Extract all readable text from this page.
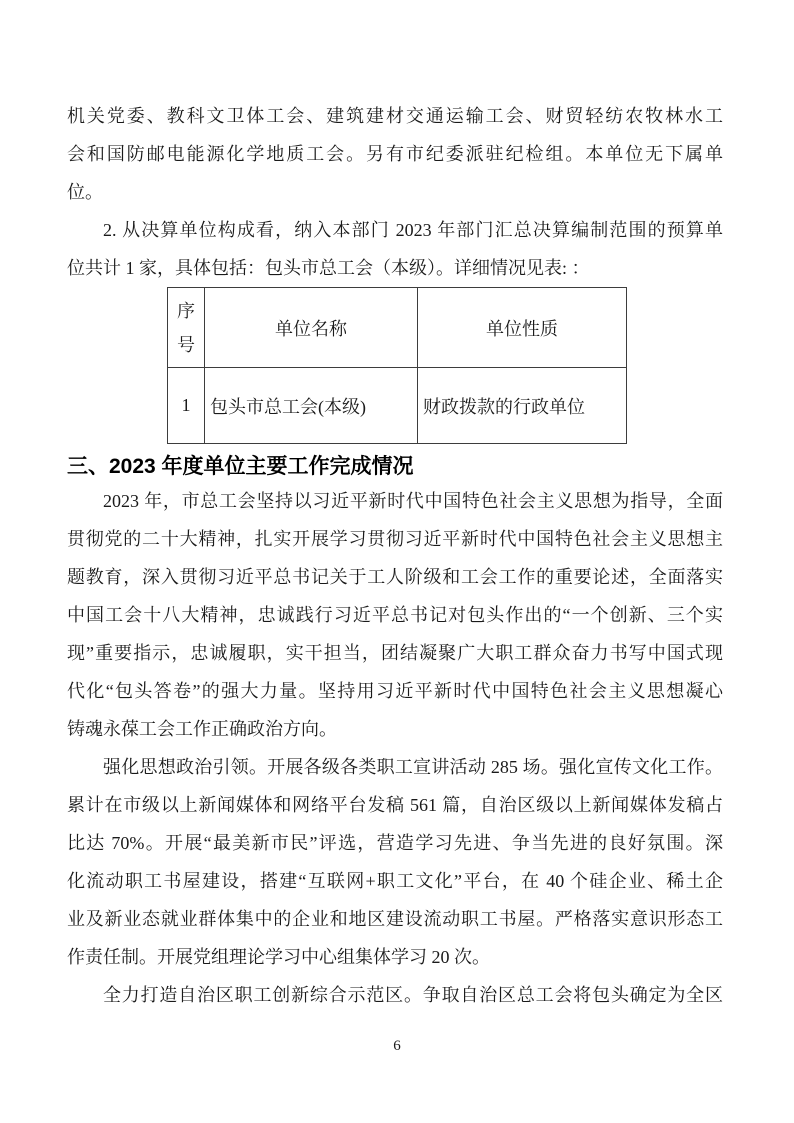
机关党委、教科文卫体工会、建筑建材交通运输工会、财贸轻纺农牧林水工
会和国防邮电能源化学地质工会。另有市纪委派驻纪检组。本单位无下属单
位。
2. 从决算单位构成看，纳入本部门 2023 年部门汇总决算编制范围的预算单
位共计 1 家，具体包括：包头市总工会（本级）。详细情况见表: ：
序号	单位名称	单位性质
1	包头市总工会(本级)	财政拨款的行政单位
三、2023 年度单位主要工作完成情况
2023 年，市总工会坚持以习近平新时代中国特色社会主义思想为指导，全面
贯彻党的二十大精神，扎实开展学习贯彻习近平新时代中国特色社会主义思想主
题教育，深入贯彻习近平总书记关于工人阶级和工会工作的重要论述，全面落实
中国工会十八大精神，忠诚践行习近平总书记对包头作出的“一个创新、三个实
现”重要指示，忠诚履职，实干担当，团结凝聚广大职工群众奋力书写中国式现
代化“包头答卷”的强大力量。坚持用习近平新时代中国特色社会主义思想凝心
铸魂永葆工会工作正确政治方向。
强化思想政治引领。开展各级各类职工宣讲活动 285 场。强化宣传文化工作。
累计在市级以上新闻媒体和网络平台发稿 561 篇，自治区级以上新闻媒体发稿占
比达 70%。开展“最美新市民”评选，营造学习先进、争当先进的良好氛围。深
化流动职工书屋建设，搭建“互联网+职工文化”平台，在 40 个硅企业、稀土企
业及新业态就业群体集中的企业和地区建设流动职工书屋。严格落实意识形态工
作责任制。开展党组理论学习中心组集体学习 20 次。
全力打造自治区职工创新综合示范区。争取自治区总工会将包头确定为全区
6
